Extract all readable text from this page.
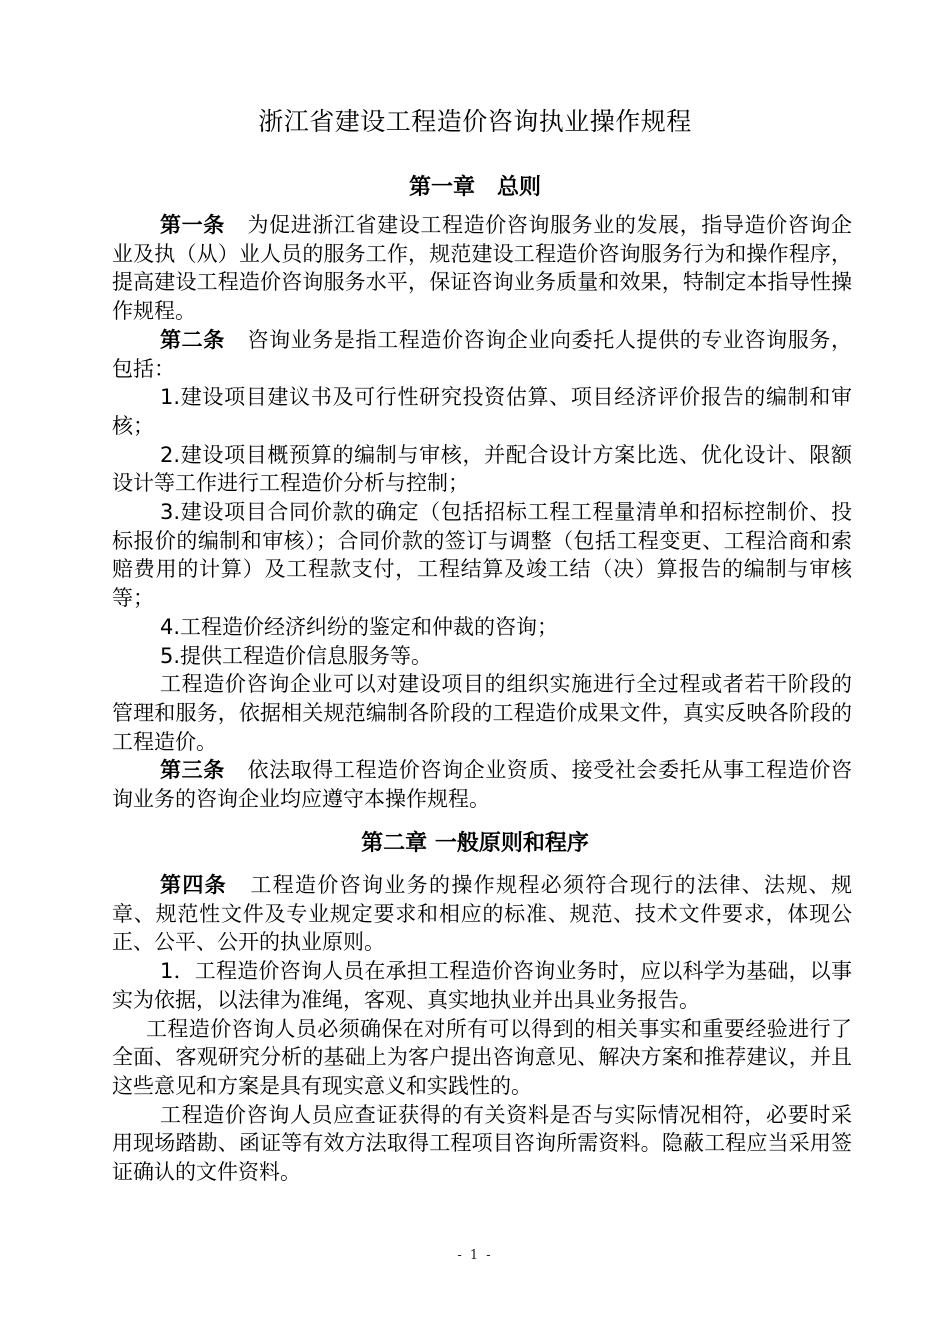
浙江省建设工程造价咨询执业操作规程
第一章 总则

第一条 为促进浙江省建设工程造价咨询服务业的发展，指导造价咨询企业及执（从）业人员的服务工作，规范建设工程造价咨询服务行为和操作程序，提高建设工程造价咨询服务水平，保证咨询业务质量和效果，特制定本指导性操作规程。

第二条 咨询业务是指工程造价咨询企业向委托人提供的专业咨询服务，包括：

1.建设项目建议书及可行性研究投资估算、项目经济评价报告的编制和审核；

2.建设项目概预算的编制与审核，并配合设计方案比选、优化设计、限额设计等工作进行工程造价分析与控制；

3.建设项目合同价款的确定（包括招标工程工程量清单和招标控制价、投标报价的编制和审核）；合同价款的签订与调整（包括工程变更、工程洽商和索赔费用的计算）及工程款支付，工程结算及竣工结（决）算报告的编制与审核等；

4.工程造价经济纠纷的鉴定和仲裁的咨询；

5.提供工程造价信息服务等。

工程造价咨询企业可以对建设项目的组织实施进行全过程或者若干阶段的管理和服务，依据相关规范编制各阶段的工程造价成果文件，真实反映各阶段的工程造价。

第三条 依法取得工程造价咨询企业资质、接受社会委托从事工程造价咨询业务的咨询企业均应遵守本操作规程。

第二章 一般原则和程序

第四条 工程造价咨询业务的操作规程必须符合现行的法律、法规、规章、规范性文件及专业规定要求和相应的标准、规范、技术文件要求，体现公正、公平、公开的执业原则。

1．工程造价咨询人员在承担工程造价咨询业务时，应以科学为基础，以事实为依据，以法律为准绳，客观、真实地执业并出具业务报告。

工程造价咨询人员必须确保在对所有可以得到的相关事实和重要经验进行了全面、客观研究分析的基础上为客户提出咨询意见、解决方案和推荐建议，并且这些意见和方案是具有现实意义和实践性的。

工程造价咨询人员应查证获得的有关资料是否与实际情况相符，必要时采用现场踏勘、函证等有效方法取得工程项目咨询所需资料。隐蔽工程应当采用签证确认的文件资料。

- 1 -
